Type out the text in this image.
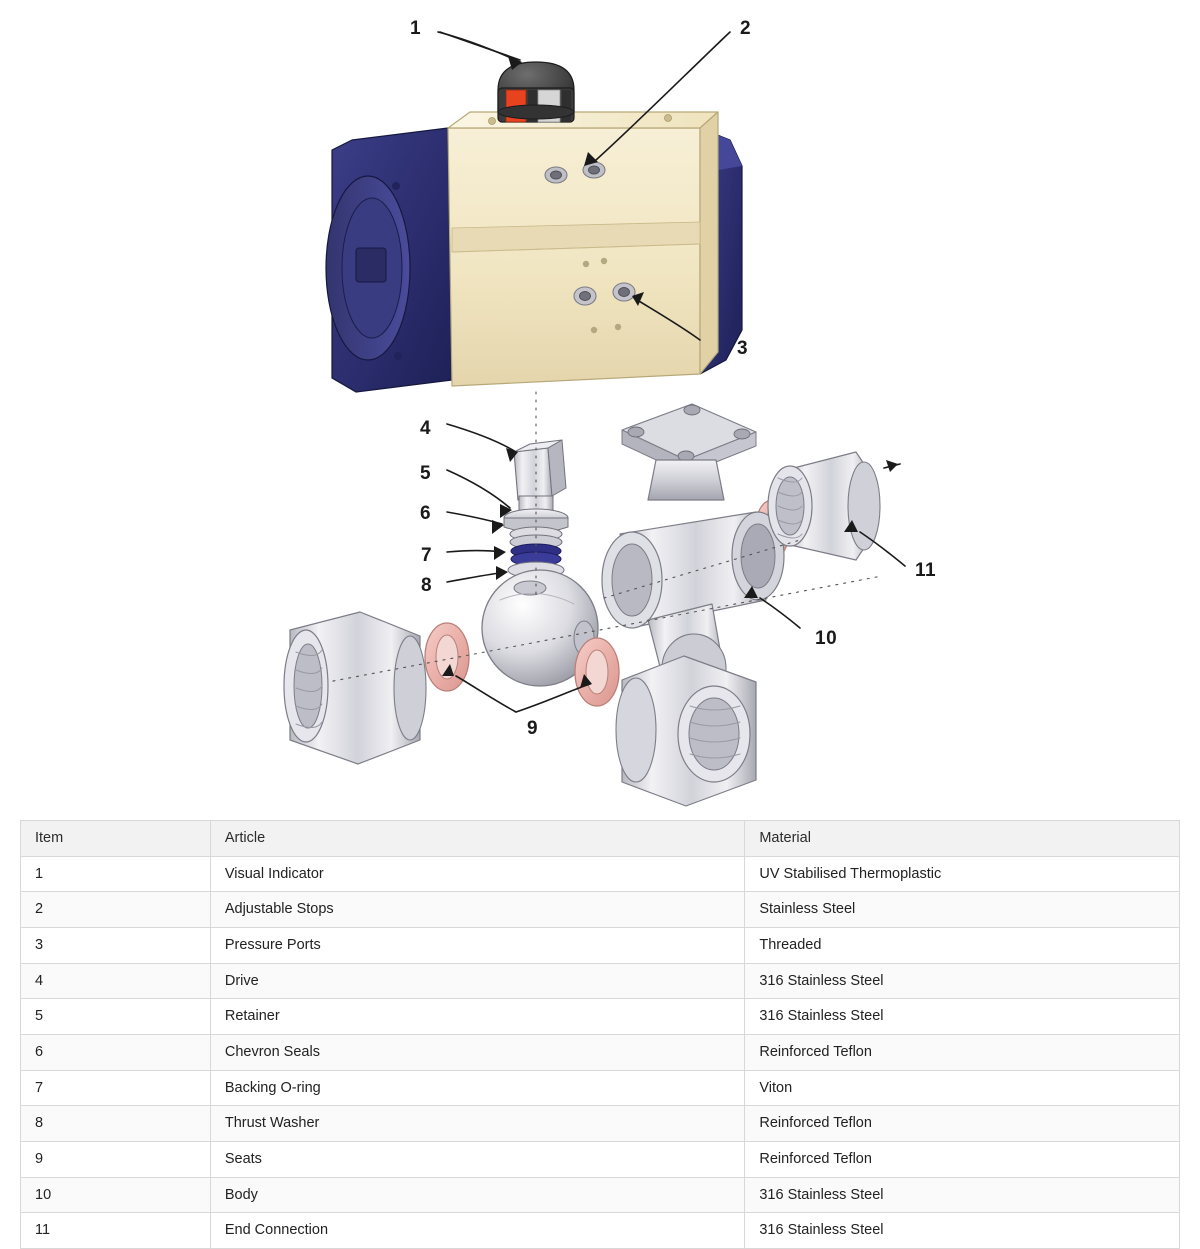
1	2
3
4
5
6
7
8
9
10
11
Item	Article	Material
1	Visual Indicator	UV Stabilised Thermoplastic
2	Adjustable Stops	Stainless Steel
3	Pressure Ports	Threaded
4	Drive	316 Stainless Steel
5	Retainer	316 Stainless Steel
6	Chevron Seals	Reinforced Teflon
7	Backing O-ring	Viton
8	Thrust Washer	Reinforced Teflon
9	Seats	Reinforced Teflon
10	Body	316 Stainless Steel
11	End Connection	316 Stainless Steel
